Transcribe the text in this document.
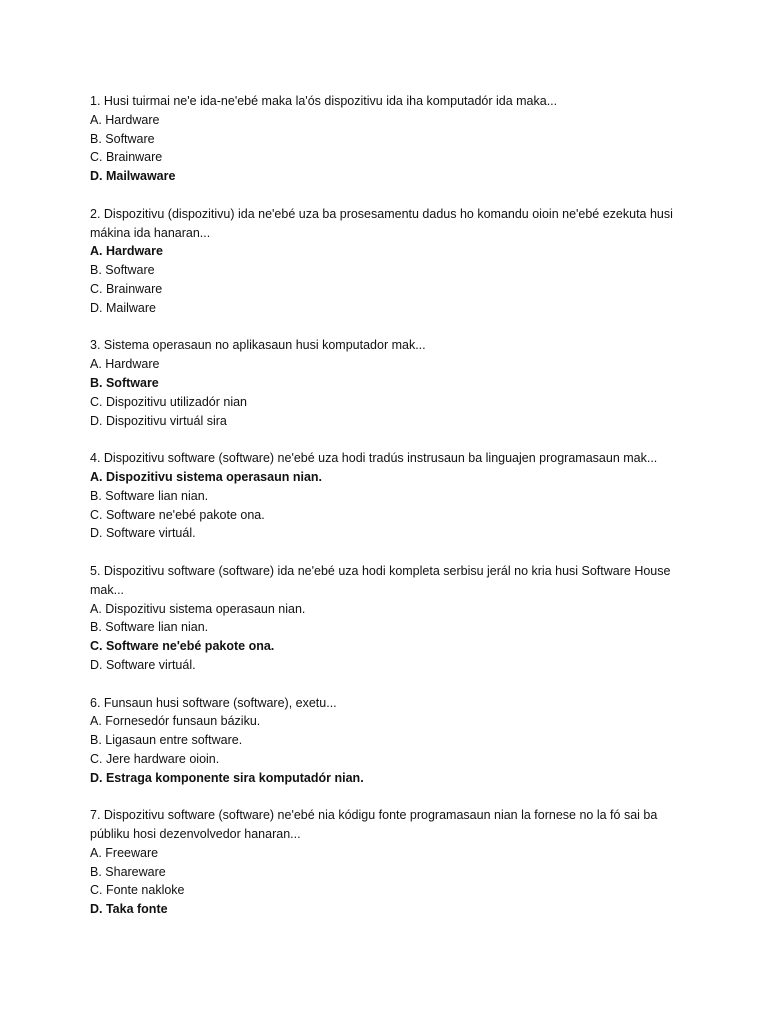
1. Husi tuirmai ne'e ida-ne'ebé maka la'ós dispozitivu ida iha komputadór ida maka...

A. Hardware

B. Software

C. Brainware

D. Mailwaware

2. Dispozitivu (dispozitivu) ida ne'ebé uza ba prosesamentu dadus ho komandu oioin ne'ebé ezekuta husi mákina ida hanaran...

A. Hardware

B. Software

C. Brainware

D. Mailware

3. Sistema operasaun no aplikasaun husi komputador mak...

A. Hardware

B. Software

C. Dispozitivu utilizadór nian

D. Dispozitivu virtuál sira

4. Dispozitivu software (software) ne'ebé uza hodi tradús instrusaun ba linguajen programasaun mak...

A. Dispozitivu sistema operasaun nian.

B. Software lian nian.

C. Software ne'ebé pakote ona.

D. Software virtuál.

5. Dispozitivu software (software) ida ne'ebé uza hodi kompleta serbisu jerál no kria husi Software House mak...

A. Dispozitivu sistema operasaun nian.

B. Software lian nian.

C. Software ne'ebé pakote ona.

D. Software virtuál.

6. Funsaun husi software (software), exetu...

A. Fornesedór funsaun báziku.

B. Ligasaun entre software.

C. Jere hardware oioin.

D. Estraga komponente sira komputadór nian.

7. Dispozitivu software (software) ne'ebé nia kódigu fonte programasaun nian la fornese no la fó sai ba públiku hosi dezenvolvedor hanaran...

A. Freeware

B. Shareware

C. Fonte nakloke

D. Taka fonte
